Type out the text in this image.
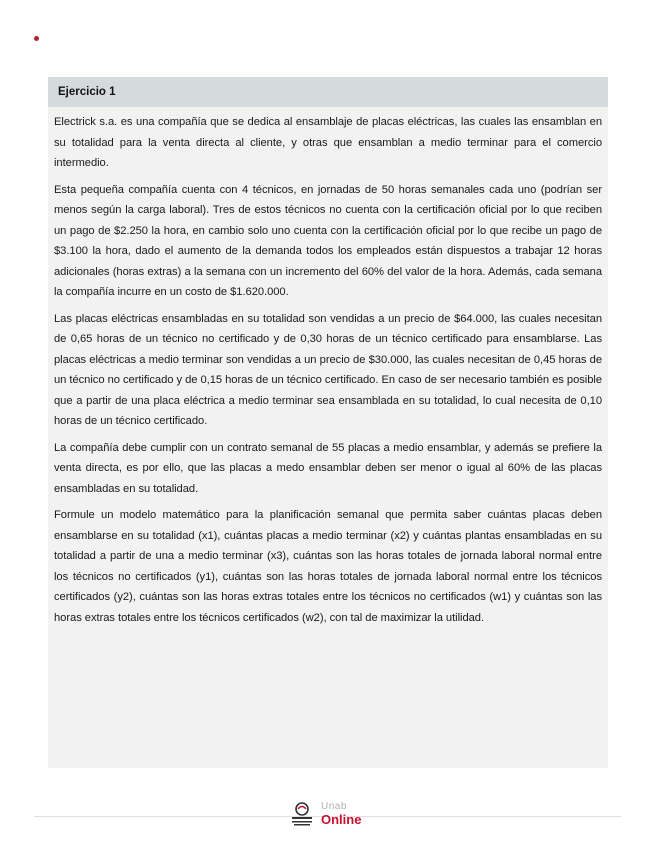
Ejercicio 1

Electrick s.a. es una compañía que se dedica al ensamblaje de placas eléctricas, las cuales las ensamblan en su totalidad para la venta directa al cliente, y otras que ensamblan a medio terminar para el comercio intermedio.

Esta pequeña compañía cuenta con 4 técnicos, en jornadas de 50 horas semanales cada uno (podrían ser menos según la carga laboral). Tres de estos técnicos no cuenta con la certificación oficial por lo que reciben un pago de $2.250 la hora, en cambio solo uno cuenta con la certificación oficial por lo que recibe un pago de $3.100 la hora, dado el aumento de la demanda todos los empleados están dispuestos a trabajar 12 horas adicionales (horas extras) a la semana con un incremento del 60% del valor de la hora. Además, cada semana la compañía incurre en un costo de $1.620.000.

Las placas eléctricas ensambladas en su totalidad son vendidas a un precio de $64.000, las cuales necesitan de 0,65 horas de un técnico no certificado y de 0,30 horas de un técnico certificado para ensamblarse. Las placas eléctricas a medio terminar son vendidas a un precio de $30.000, las cuales necesitan de 0,45 horas de un técnico no certificado y de 0,15 horas de un técnico certificado. En caso de ser necesario también es posible que a partir de una placa eléctrica a medio terminar sea ensamblada en su totalidad, lo cual necesita de 0,10 horas de un técnico certificado.

La compañía debe cumplir con un contrato semanal de 55 placas a medio ensamblar, y además se prefiere la venta directa, es por ello, que las placas a medo ensamblar deben ser menor o igual al 60% de las placas ensambladas en su totalidad.

Formule un modelo matemático para la planificación semanal que permita saber cuántas placas deben ensamblarse en su totalidad (x1), cuántas placas a medio terminar (x2) y cuántas plantas ensambladas en su totalidad a partir de una a medio terminar (x3), cuántas son las horas totales de jornada laboral normal entre los técnicos no certificados (y1), cuántas son las horas totales de jornada laboral normal entre los técnicos certificados (y2), cuántas son las horas extras totales entre los técnicos no certificados (w1) y cuántas son las horas extras totales entre los técnicos certificados (w2), con tal de maximizar la utilidad.

Unab
Online
